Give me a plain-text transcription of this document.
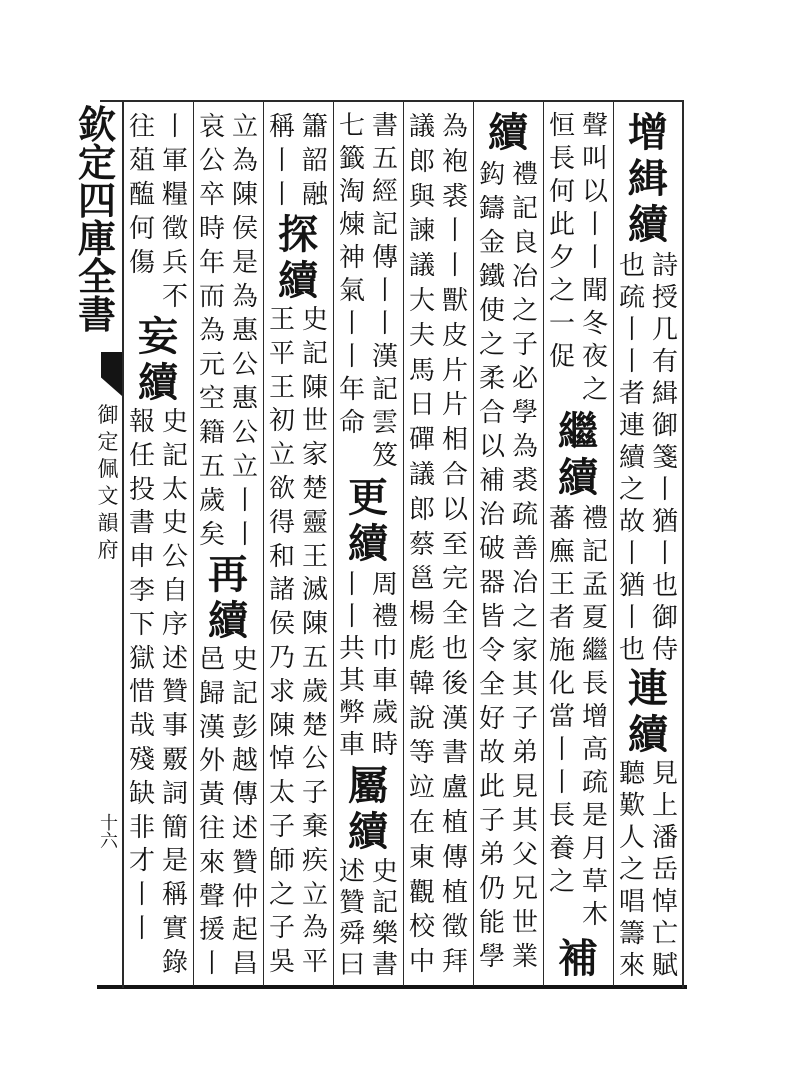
欽
定
四
庫
全
書
御
定
佩
文
韻
府
十
六
增
緝
續
詩
授
几
有
緝
御
箋
丨
猶
丨
也
御
侍
也
疏
丨
丨
者
連
續
之
故
丨
猶
丨
也
連
續
見
上
潘
岳
悼
亡
賦
聽
歎
人
之
唱
籌
來
聲
叫
以
丨
丨
聞
冬
夜
之
恒
長
何
此
夕
之
一
促
繼
續
禮
記
孟
夏
繼
長
增
高
疏
是
月
草
木
蕃
廡
王
者
施
化
當
丨
丨
長
養
之
補
續
禮
記
良
冶
之
子
必
學
為
裘
疏
善
冶
之
家
其
子
弟
見
其
父
兄
世
業
鈎
鑄
金
鐵
使
之
柔
合
以
補
治
破
器
皆
令
全
好
故
此
子
弟
仍
能
學
為
袍
裘
丨
丨
獸
皮
片
片
相
合
以
至
完
全
也
後
漢
書
盧
植
傳
植
徵
拜
議
郎
與
諫
議
大
夫
馬
日
磾
議
郎
蔡
邕
楊
彪
韓
說
等
竝
在
東
觀
校
中
書
五
經
記
傳
丨
丨
漢
記
雲
笈
七
籤
淘
煉
神
氣
丨
丨
年
命
更
續
周
禮
巾
車
歲
時
丨
丨
共
其
弊
車
屬
續
史
記
樂
書
述
贊
舜
曰
簫
韶
融
稱
丨
丨
探
續
史
記
陳
世
家
楚
靈
王
滅
陳
五
歲
楚
公
子
棄
疾
立
為
平
王
平
王
初
立
欲
得
和
諸
侯
乃
求
陳
悼
太
子
師
之
子
吳
立
為
陳
侯
是
為
惠
公
惠
公
立
丨
丨
哀
公
卒
時
年
而
為
元
空
籍
五
歲
矣
再
續
史
記
彭
越
傳
述
贊
仲
起
昌
邑
歸
漢
外
黃
往
來
聲
援
丨
丨
軍
糧
徵
兵
不
往
葅
醢
何
傷
妄
續
史
記
太
史
公
自
序
述
贊
事
覈
詞
簡
是
稱
實
錄
報
任
投
書
申
李
下
獄
惜
哉
殘
缺
非
才
丨
丨
